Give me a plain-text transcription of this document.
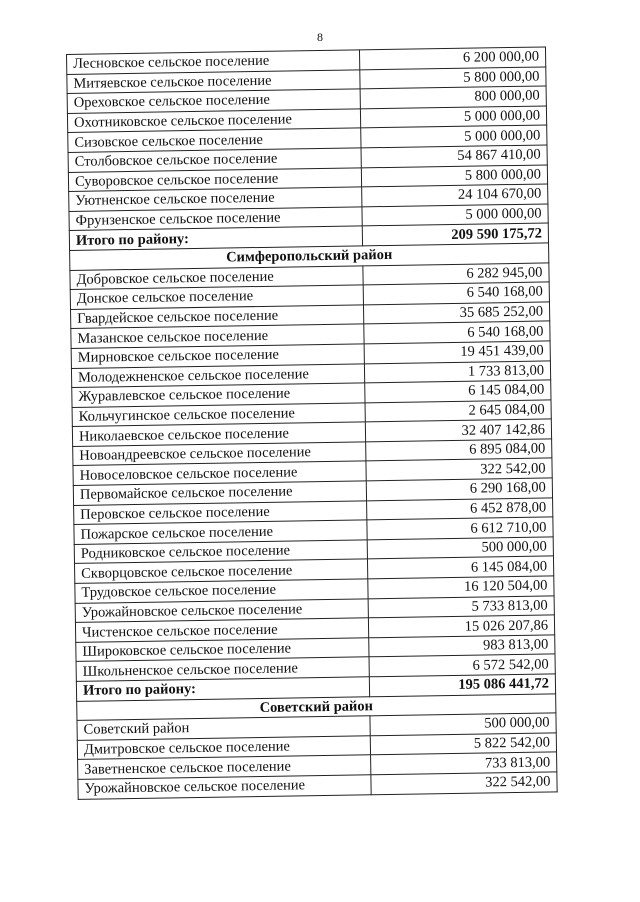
8
Лесновское сельское поселение	6 200 000,00
Митяевское сельское поселение	5 800 000,00
Ореховское сельское поселение	800 000,00
Охотниковское сельское поселение	5 000 000,00
Сизовское сельское поселение	5 000 000,00
Столбовское сельское поселение	54 867 410,00
Суворовское сельское поселение	5 800 000,00
Уютненское сельское поселение	24 104 670,00
Фрунзенское сельское поселение	5 000 000,00
Итого по району:	209 590 175,72
Симферопольский район	
Добровское сельское поселение	6 282 945,00
Донское сельское поселение	6 540 168,00
Гвардейское сельское поселение	35 685 252,00
Мазанское сельское поселение	6 540 168,00
Мирновское сельское поселение	19 451 439,00
Молодежненское сельское поселение	1 733 813,00
Журавлевское сельское поселение	6 145 084,00
Кольчугинское сельское поселение	2 645 084,00
Николаевское сельское поселение	32 407 142,86
Новоандреевское сельское поселение	6 895 084,00
Новоселовское сельское поселение	322 542,00
Первомайское сельское поселение	6 290 168,00
Перовское сельское поселение	6 452 878,00
Пожарское сельское поселение	6 612 710,00
Родниковское сельское поселение	500 000,00
Скворцовское сельское поселение	6 145 084,00
Трудовское сельское поселение	16 120 504,00
Урожайновское сельское поселение	5 733 813,00
Чистенское сельское поселение	15 026 207,86
Широковское сельское поселение	983 813,00
Школьненское сельское поселение	6 572 542,00
Итого по району:	195 086 441,72
Советский район	
Советский район	500 000,00
Дмитровское сельское поселение	5 822 542,00
Заветненское сельское поселение	733 813,00
Урожайновское сельское поселение	322 542,00
